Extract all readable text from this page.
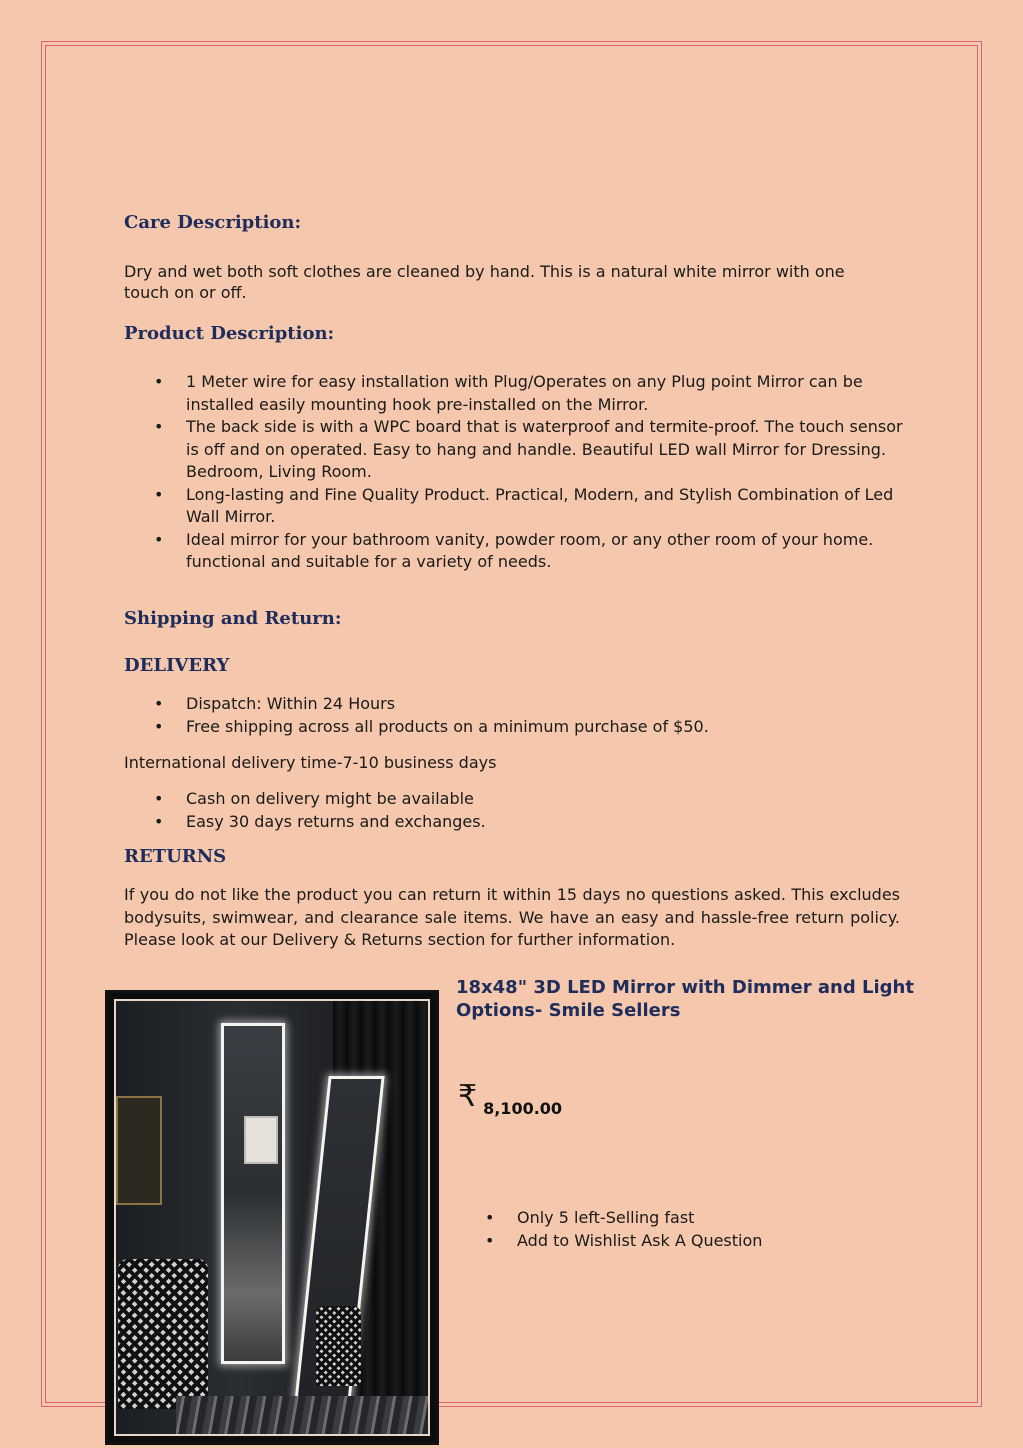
Care Description:

Dry and wet both soft clothes are cleaned by hand. This is a natural white mirror with one touch on or off.

Product Description:
• 1 Meter wire for easy installation with Plug/Operates on any Plug point Mirror can be installed easily mounting hook pre-installed on the Mirror.
• The back side is with a WPC board that is waterproof and termite-proof. The touch sensor is off and on operated. Easy to hang and handle. Beautiful LED wall Mirror for Dressing. Bedroom, Living Room.
• Long-lasting and Fine Quality Product. Practical, Modern, and Stylish Combination of Led Wall Mirror.
• Ideal mirror for your bathroom vanity, powder room, or any other room of your home. functional and suitable for a variety of needs.
Shipping and Return:
DELIVERY
• Dispatch: Within 24 Hours
• Free shipping across all products on a minimum purchase of $50.

International delivery time-7-10 business days

• Cash on delivery might be available
• Easy 30 days returns and exchanges.
RETURNS

If you do not like the product you can return it within 15 days no questions asked. This excludes bodysuits, swimwear, and clearance sale items. We have an easy and hassle-free return policy. Please look at our Delivery & Returns section for further information.

18x48" 3D LED Mirror with Dimmer and Light Options- Smile Sellers
₹ 8,100.00
• Only 5 left-Selling fast
• Add to Wishlist Ask A Question
